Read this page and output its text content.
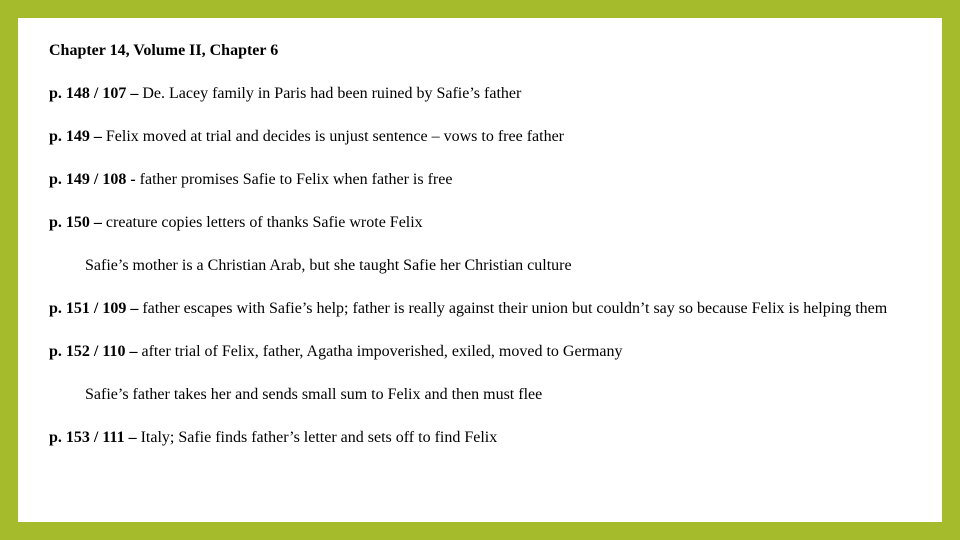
Chapter 14, Volume II, Chapter 6
p. 148 / 107 – De. Lacey family in Paris had been ruined by Safie’s father
p. 149 – Felix moved at trial and decides is unjust sentence – vows to free father
p. 149 / 108 - father promises Safie to Felix when father is free
p. 150 – creature copies letters of thanks Safie wrote Felix
Safie’s mother is a Christian Arab, but she taught Safie her Christian culture
p. 151 / 109 – father escapes with Safie’s help; father is really against their union but couldn’t say so because Felix is helping them
p. 152 / 110 – after trial of Felix, father, Agatha impoverished, exiled, moved to Germany
Safie’s father takes her and sends small sum to Felix and then must flee
p. 153 / 111 – Italy; Safie finds father’s letter and sets off to find Felix
